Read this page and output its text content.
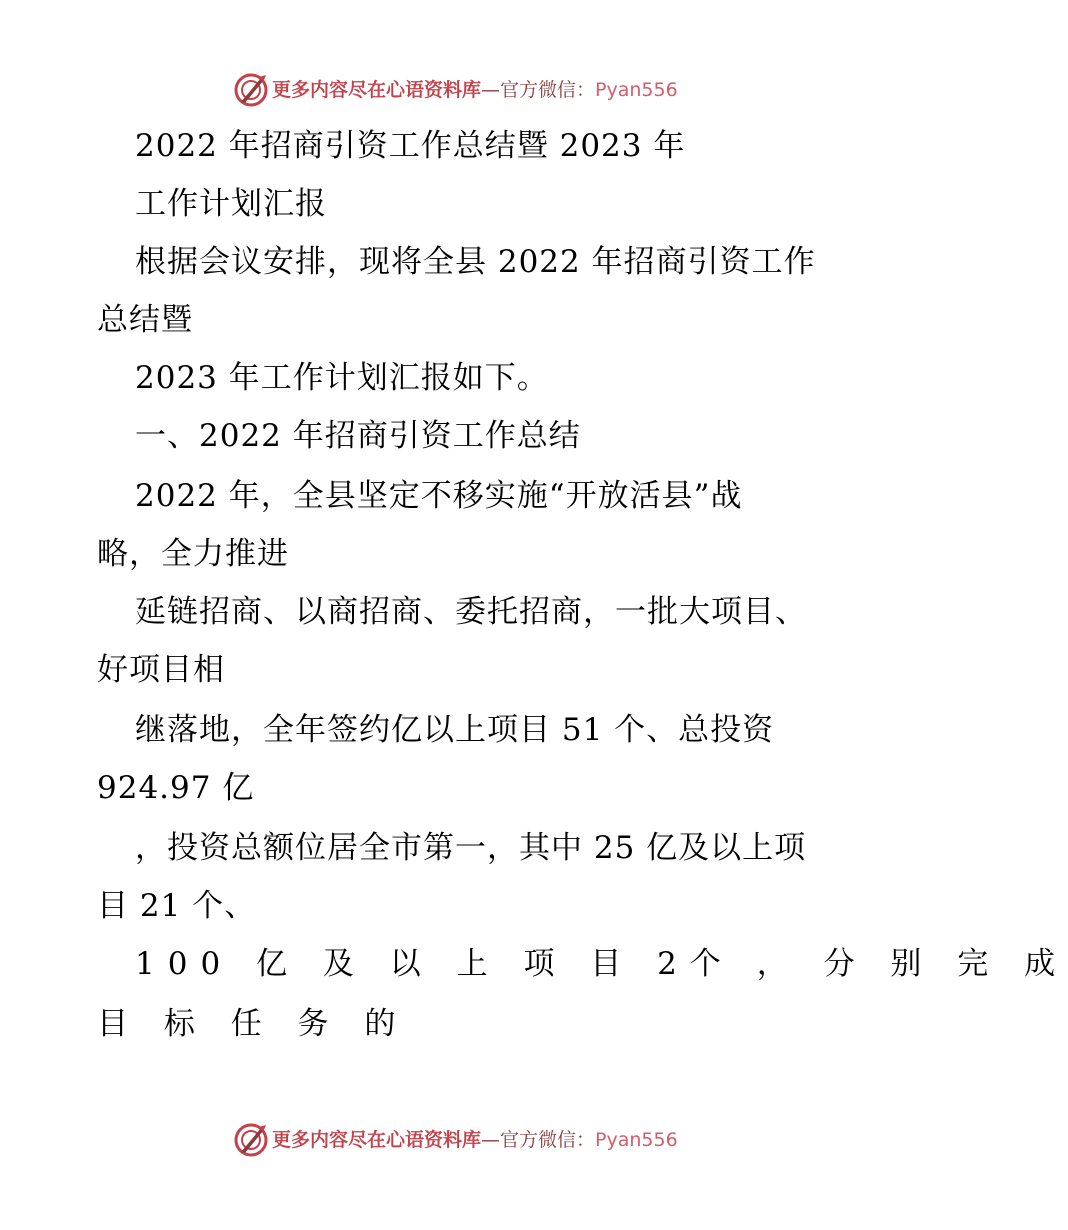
更多内容尽在心语资料库—官方微信：Pyan556
2022 年招商引资工作总结暨 2023 年
工作计划汇报
根据会议安排，现将全县 2022 年招商引资工作
总结暨
2023 年工作计划汇报如下。
一、2022 年招商引资工作总结
2022 年，全县坚定不移实施“开放活县”战
略，全力推进
延链招商、以商招商、委托招商，一批大项目、
好项目相
继落地，全年签约亿以上项目 51 个、总投资
924.97 亿
，投资总额位居全市第一，其中 25 亿及以上项
目 21 个、
100 亿 及 以 上 项 目 2个 ， 分 别 完 成
目 标 任 务 的
更多内容尽在心语资料库—官方微信：Pyan556
